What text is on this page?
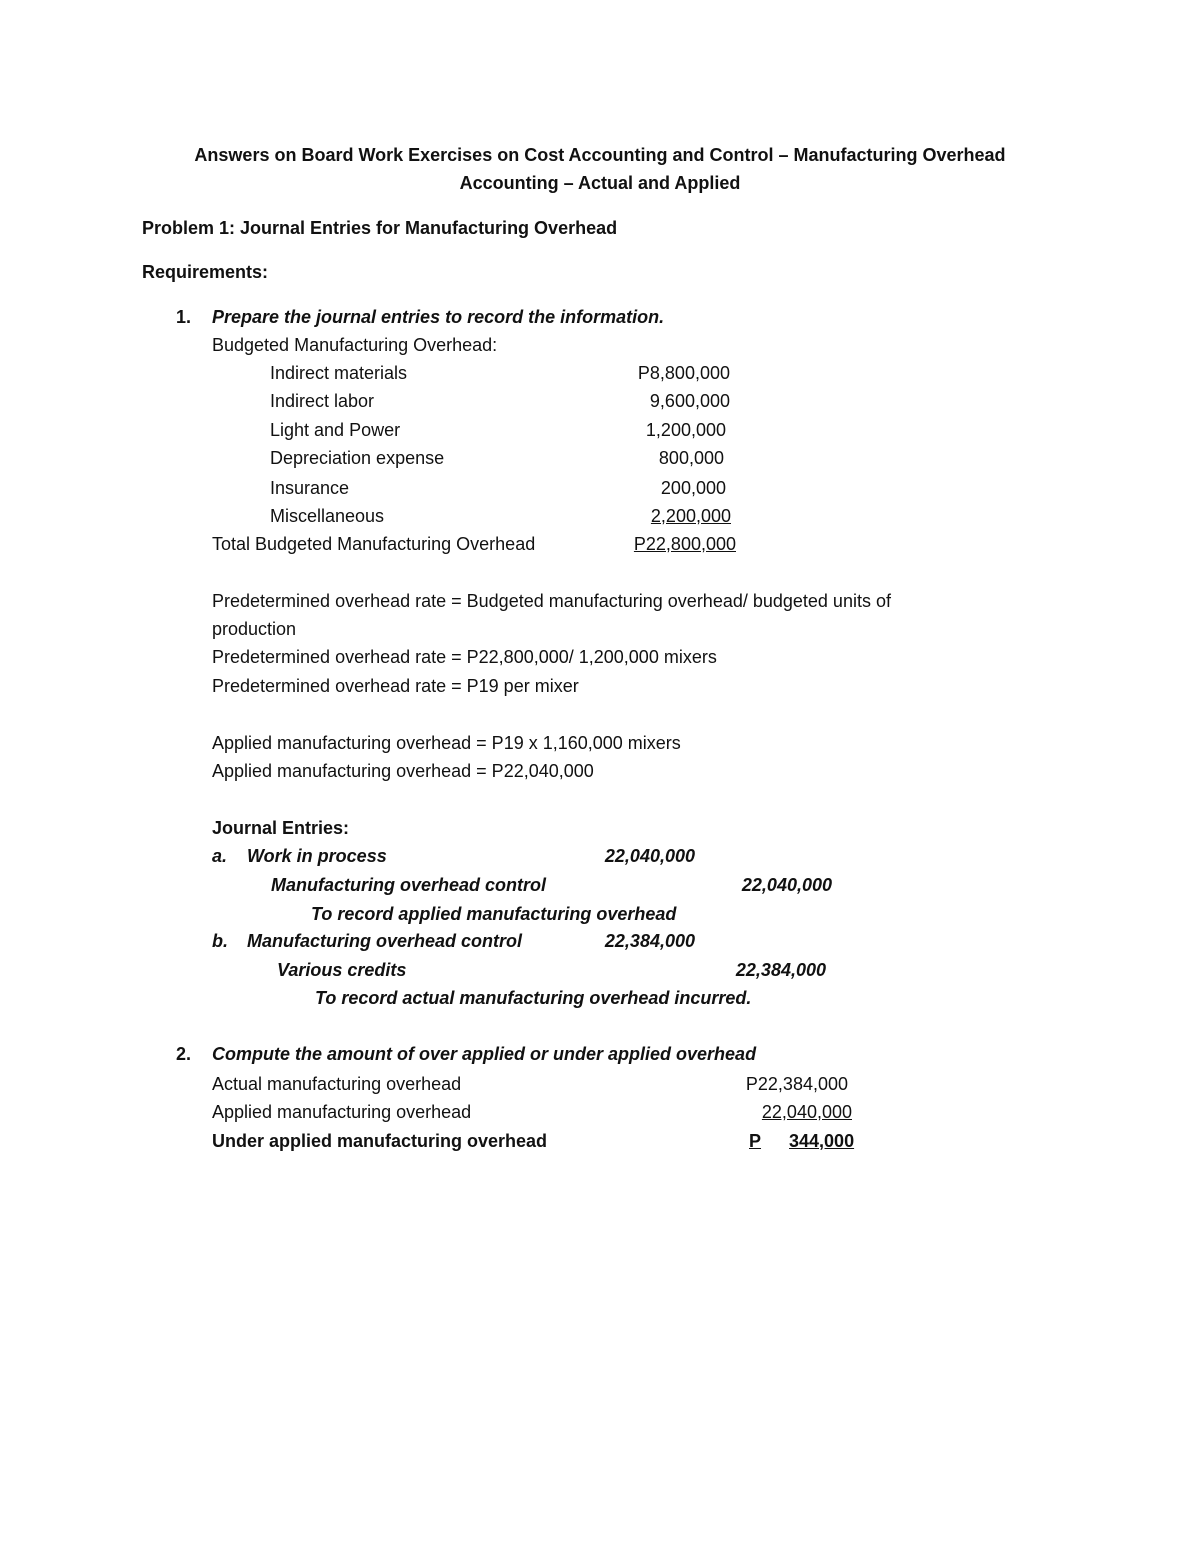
Answers on Board Work Exercises on Cost Accounting and Control – Manufacturing Overhead
Accounting – Actual and Applied
Problem 1: Journal Entries for Manufacturing Overhead
Requirements:
1. Prepare the journal entries to record the information.
Budgeted Manufacturing Overhead:
Indirect materials	P8,800,000
Indirect labor	9,600,000
Light and Power	1,200,000
Depreciation expense	800,000
Insurance	200,000
Miscellaneous	2,200,000
Total Budgeted Manufacturing Overhead	P22,800,000
Predetermined overhead rate = Budgeted manufacturing overhead/ budgeted units of
production
Predetermined overhead rate = P22,800,000/ 1,200,000 mixers
Predetermined overhead rate = P19 per mixer
Applied manufacturing overhead = P19 x 1,160,000 mixers
Applied manufacturing overhead = P22,040,000
Journal Entries:
a. Work in process	22,040,000
Manufacturing overhead control	22,040,000
To record applied manufacturing overhead
b. Manufacturing overhead control	22,384,000
Various credits	22,384,000
To record actual manufacturing overhead incurred.
2. Compute the amount of over applied or under applied overhead
Actual manufacturing overhead	P22,384,000
Applied manufacturing overhead	22,040,000
Under applied manufacturing overhead	P 344,000
